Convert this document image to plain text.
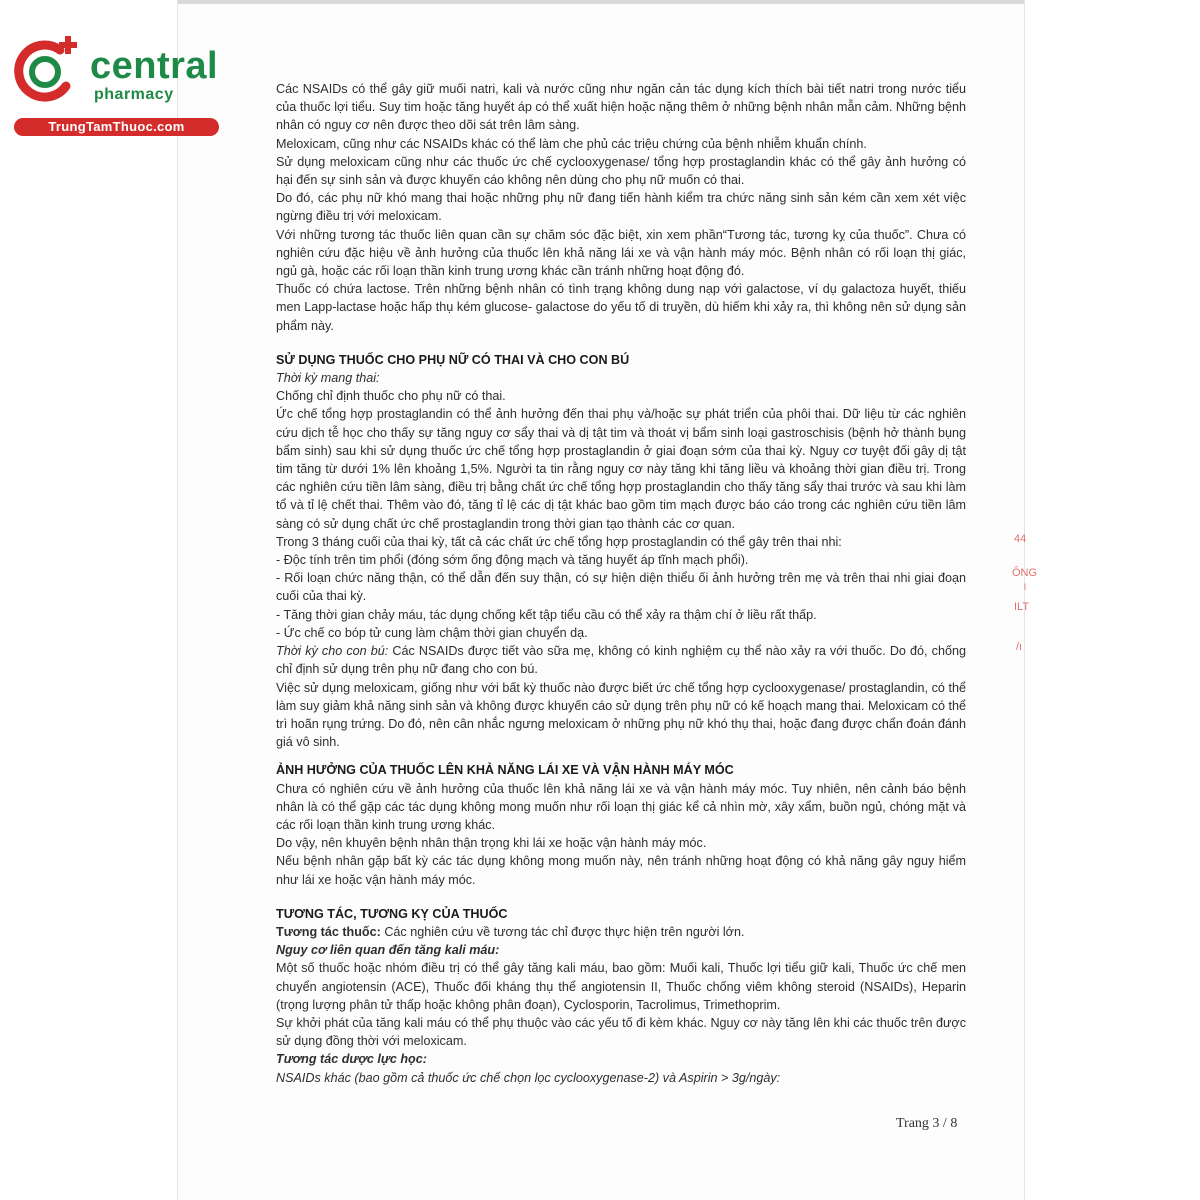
central
pharmacy
TrungTamThuoc.com
44
ÔNG
l
ILT
/ı

Các NSAIDs có thể gây giữ muối natri, kali và nước cũng như ngăn cản tác dụng kích thích bài tiết natri trong nước tiểu của thuốc lợi tiểu. Suy tim hoặc tăng huyết áp có thể xuất hiện hoặc nặng thêm ở những bệnh nhân mẫn cảm. Những bệnh nhân có nguy cơ nên được theo dõi sát trên lâm sàng.

Meloxicam, cũng như các NSAIDs khác có thể làm che phủ các triệu chứng của bệnh nhiễm khuẩn chính.

Sử dụng meloxicam cũng như các thuốc ức chế cyclooxygenase/ tổng hợp prostaglandin khác có thể gây ảnh hưởng có hại đến sự sinh sản và được khuyến cáo không nên dùng cho phụ nữ muốn có thai.

Do đó, các phụ nữ khó mang thai hoặc những phụ nữ đang tiến hành kiểm tra chức năng sinh sản kém cần xem xét việc ngừng điều trị với meloxicam.

Với những tương tác thuốc liên quan cần sự chăm sóc đặc biệt, xin xem phần“Tương tác, tương kỵ của thuốc”. Chưa có nghiên cứu đặc hiệu về ảnh hưởng của thuốc lên khả năng lái xe và vận hành máy móc. Bệnh nhân có rối loạn thị giác, ngủ gà, hoặc các rối loạn thần kinh trung ương khác cần tránh những hoạt động đó.

Thuốc có chứa lactose. Trên những bệnh nhân có tình trạng không dung nạp với galactose, ví dụ galactoza huyết, thiếu men Lapp-lactase hoặc hấp thụ kém glucose- galactose do yếu tố di truyền, dù hiếm khi xảy ra, thì không nên sử dụng sản phẩm này.

SỬ DỤNG THUỐC CHO PHỤ NỮ CÓ THAI VÀ CHO CON BÚ

Thời kỳ mang thai:

Chống chỉ định thuốc cho phụ nữ có thai.

Ức chế tổng hợp prostaglandin có thể ảnh hưởng đến thai phụ và/hoặc sự phát triển của phôi thai. Dữ liệu từ các nghiên cứu dịch tễ học cho thấy sự tăng nguy cơ sẩy thai và dị tật tim và thoát vị bẩm sinh loại gastroschisis (bệnh hở thành bụng bẩm sinh) sau khi sử dụng thuốc ức chế tổng hợp prostaglandin ở giai đoạn sớm của thai kỳ. Nguy cơ tuyệt đối gây dị tật tim tăng từ dưới 1% lên khoảng 1,5%. Người ta tin rằng nguy cơ này tăng khi tăng liều và khoảng thời gian điều trị. Trong các nghiên cứu tiền lâm sàng, điều trị bằng chất ức chế tổng hợp prostaglandin cho thấy tăng sẩy thai trước và sau khi làm tổ và tỉ lệ chết thai. Thêm vào đó, tăng tỉ lệ các dị tật khác bao gồm tim mạch được báo cáo trong các nghiên cứu tiền lâm sàng có sử dụng chất ức chế prostaglandin trong thời gian tạo thành các cơ quan.

Trong 3 tháng cuối của thai kỳ, tất cả các chất ức chế tổng hợp prostaglandin có thể gây trên thai nhi:

- Độc tính trên tim phổi (đóng sớm ống động mạch và tăng huyết áp tĩnh mạch phổi).

- Rối loạn chức năng thận, có thể dẫn đến suy thận, có sự hiện diện thiểu ối ảnh hưởng trên mẹ và trên thai nhi giai đoạn cuối của thai kỳ.

- Tăng thời gian chảy máu, tác dụng chống kết tập tiểu cầu có thể xảy ra thậm chí ở liều rất thấp.

- Ức chế co bóp tử cung làm chậm thời gian chuyển dạ.

Thời kỳ cho con bú: Các NSAIDs được tiết vào sữa mẹ, không có kinh nghiệm cụ thể nào xảy ra với thuốc. Do đó, chống chỉ định sử dụng trên phụ nữ đang cho con bú.

Việc sử dụng meloxicam, giống như với bất kỳ thuốc nào được biết ức chế tổng hợp cyclooxygenase/ prostaglandin, có thể làm suy giảm khả năng sinh sản và không được khuyến cáo sử dụng trên phụ nữ có kế hoạch mang thai. Meloxicam có thể trì hoãn rụng trứng. Do đó, nên cân nhắc ngưng meloxicam ở những phụ nữ khó thụ thai, hoặc đang được chẩn đoán đánh giá vô sinh.

ẢNH HƯỞNG CỦA THUỐC LÊN KHẢ NĂNG LÁI XE VÀ VẬN HÀNH MÁY MÓC

Chưa có nghiên cứu về ảnh hưởng của thuốc lên khả năng lái xe và vận hành máy móc. Tuy nhiên, nên cảnh báo bệnh nhân là có thể gặp các tác dụng không mong muốn như rối loạn thị giác kể cả nhìn mờ, xây xẩm, buồn ngủ, chóng mặt và các rối loạn thần kinh trung ương khác.

Do vậy, nên khuyên bệnh nhân thận trọng khi lái xe hoặc vận hành máy móc.

Nếu bệnh nhân gặp bất kỳ các tác dụng không mong muốn này, nên tránh những hoạt động có khả năng gây nguy hiểm như lái xe hoặc vận hành máy móc.

TƯƠNG TÁC, TƯƠNG KỴ CỦA THUỐC

Tương tác thuốc: Các nghiên cứu về tương tác chỉ được thực hiện trên người lớn.

Nguy cơ liên quan đến tăng kali máu:

Một số thuốc hoặc nhóm điều trị có thể gây tăng kali máu, bao gồm: Muối kali, Thuốc lợi tiểu giữ kali, Thuốc ức chế men chuyển angiotensin (ACE), Thuốc đối kháng thụ thể angiotensin II, Thuốc chống viêm không steroid (NSAIDs), Heparin (trọng lượng phân tử thấp hoặc không phân đoạn), Cyclosporin, Tacrolimus, Trimethoprim.

Sự khởi phát của tăng kali máu có thể phụ thuộc vào các yếu tố đi kèm khác. Nguy cơ này tăng lên khi các thuốc trên được sử dụng đồng thời với meloxicam.

Tương tác dược lực học:

NSAIDs khác (bao gồm cả thuốc ức chế chọn lọc cyclooxygenase-2) và Aspirin > 3g/ngày:

Trang 3 / 8
